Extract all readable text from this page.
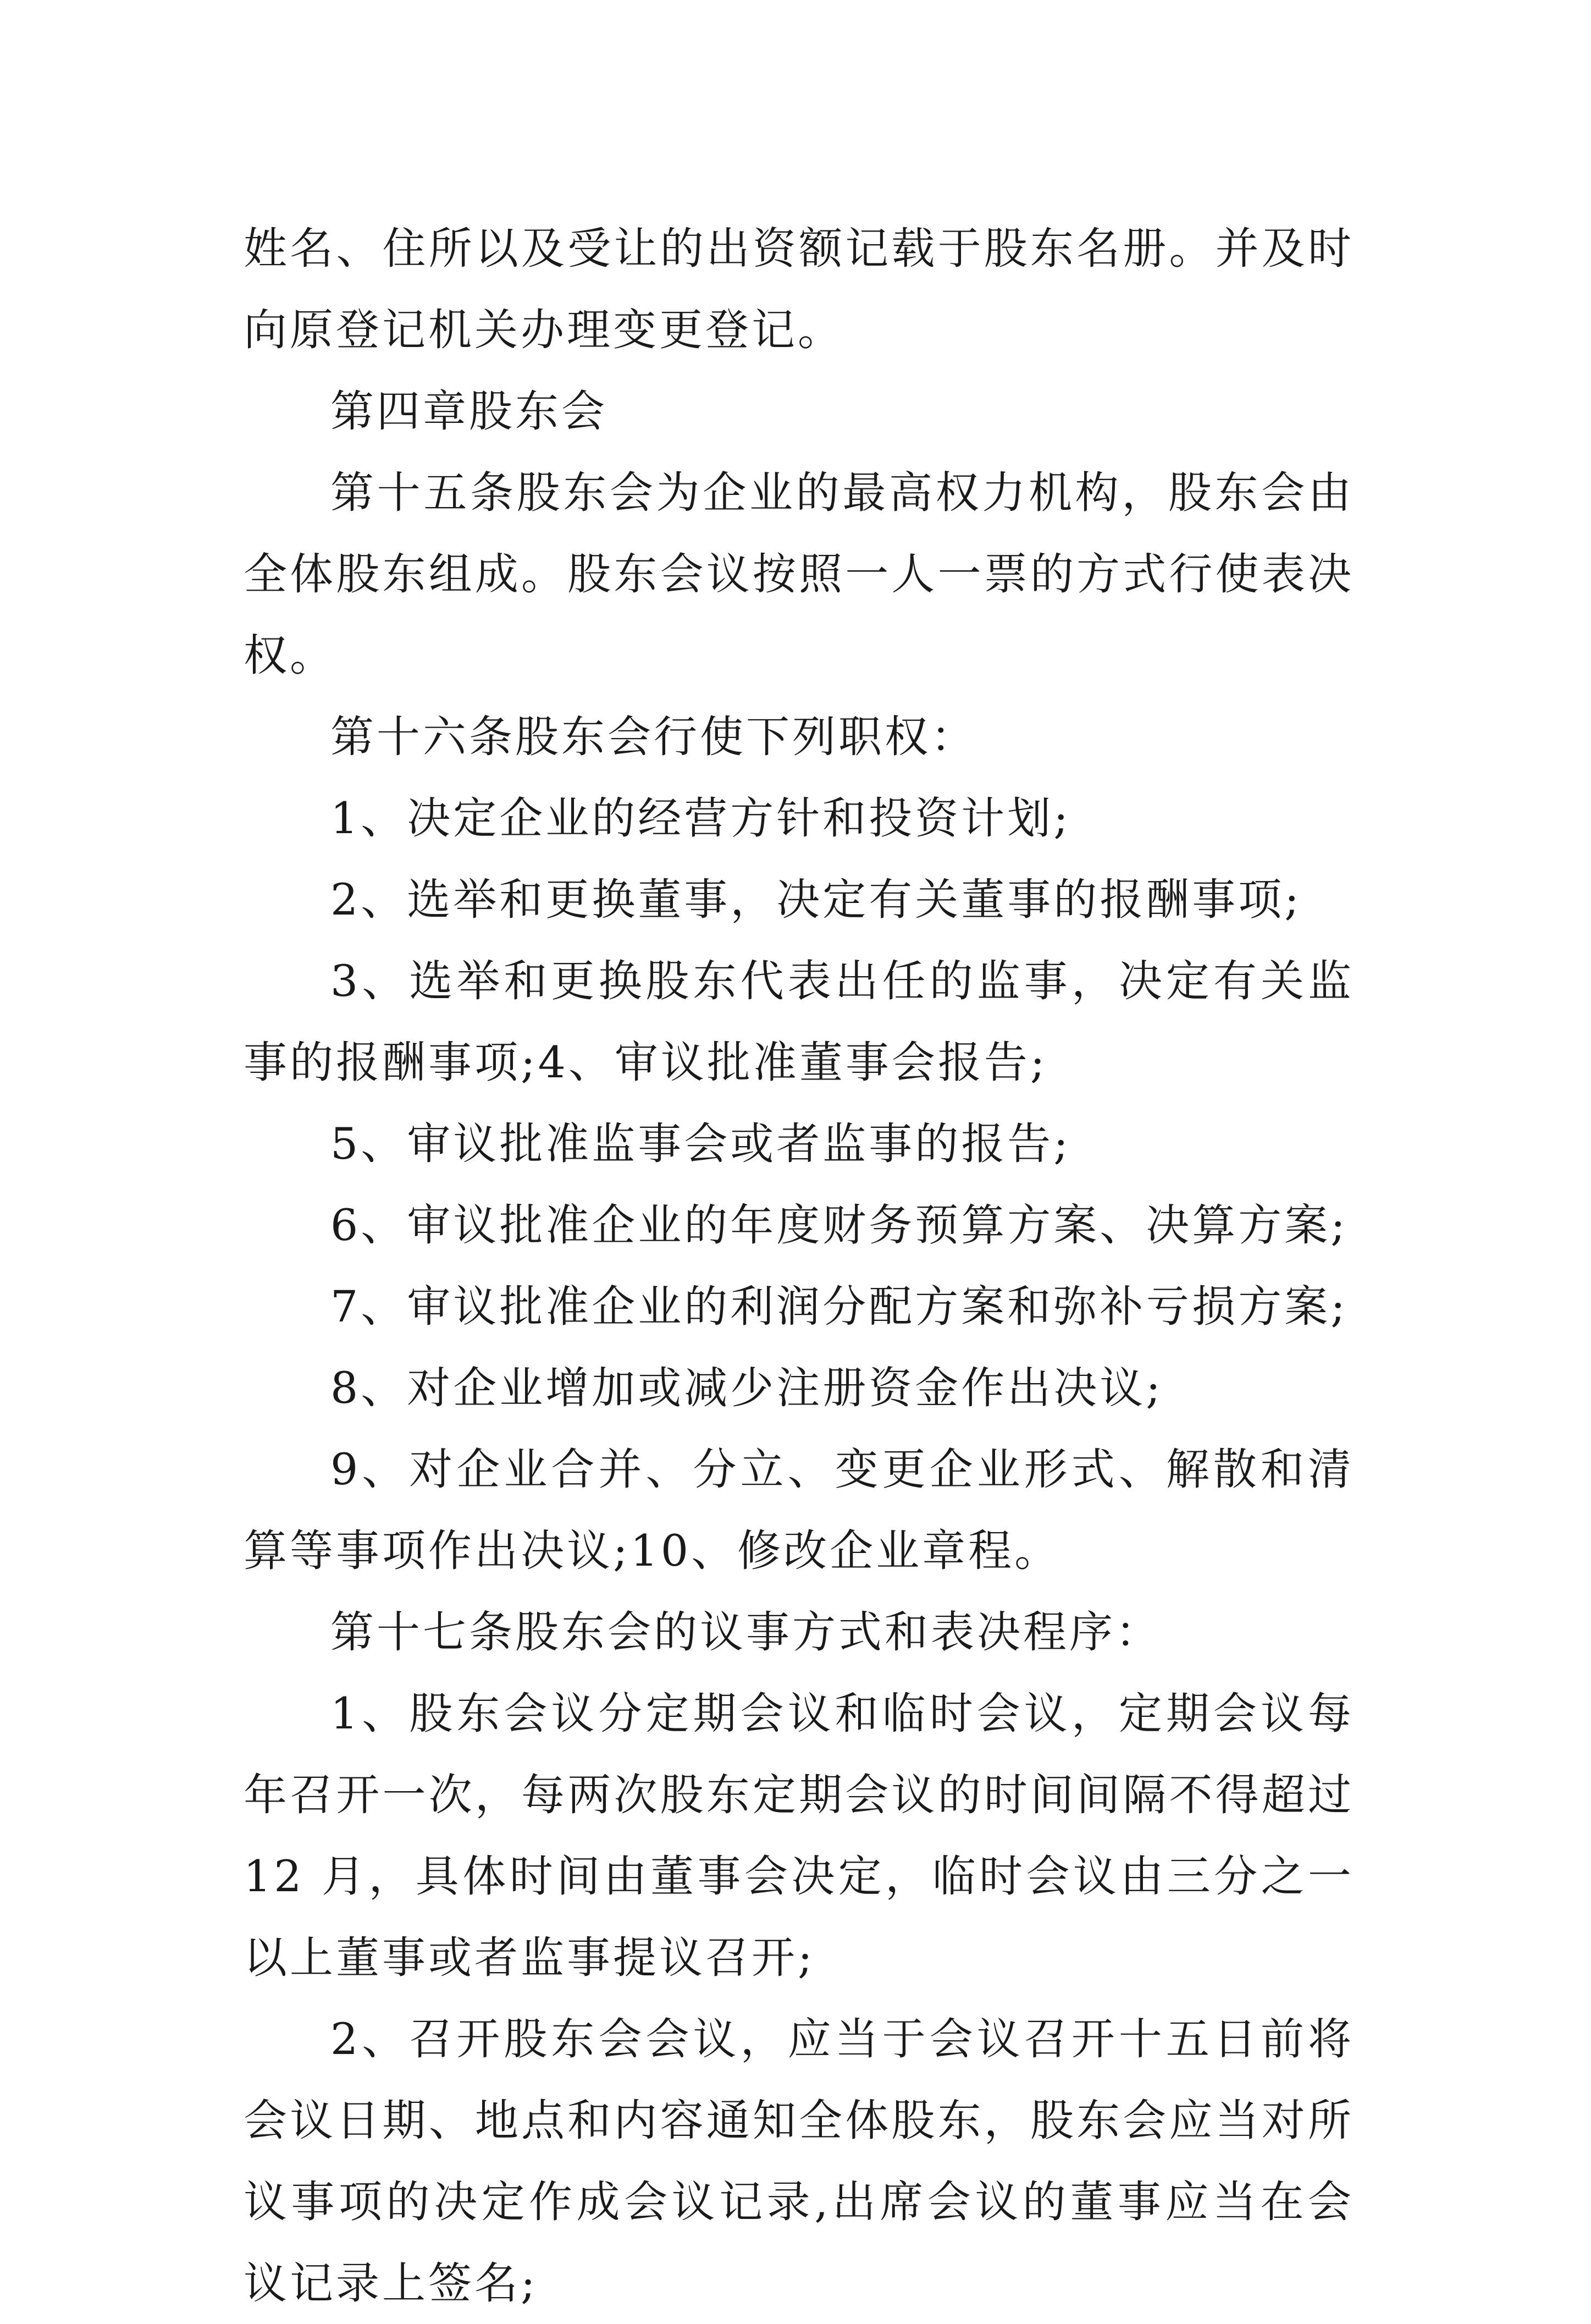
姓名、住所以及受让的出资额记载于股东名册。并及时向原登记机关办理变更登记。

第四章股东会

第十五条股东会为企业的最高权力机构，股东会由全体股东组成。股东会议按照一人一票的方式行使表决权。

第十六条股东会行使下列职权：

1、决定企业的经营方针和投资计划;

2、选举和更换董事，决定有关董事的报酬事项;

3、选举和更换股东代表出任的监事，决定有关监事的报酬事项;4、审议批准董事会报告;

5、审议批准监事会或者监事的报告;

6、审议批准企业的年度财务预算方案、决算方案;

7、审议批准企业的利润分配方案和弥补亏损方案;

8、对企业增加或减少注册资金作出决议;

9、对企业合并、分立、变更企业形式、解散和清算等事项作出决议;10、修改企业章程。

第十七条股东会的议事方式和表决程序：

1、股东会议分定期会议和临时会议，定期会议每年召开一次，每两次股东定期会议的时间间隔不得超过 12 月，具体时间由董事会决定，临时会议由三分之一以上董事或者监事提议召开;

2、召开股东会会议，应当于会议召开十五日前将会议日期、地点和内容通知全体股东，股东会应当对所议事项的决定作成会议记录,出席会议的董事应当在会议记录上签名;
